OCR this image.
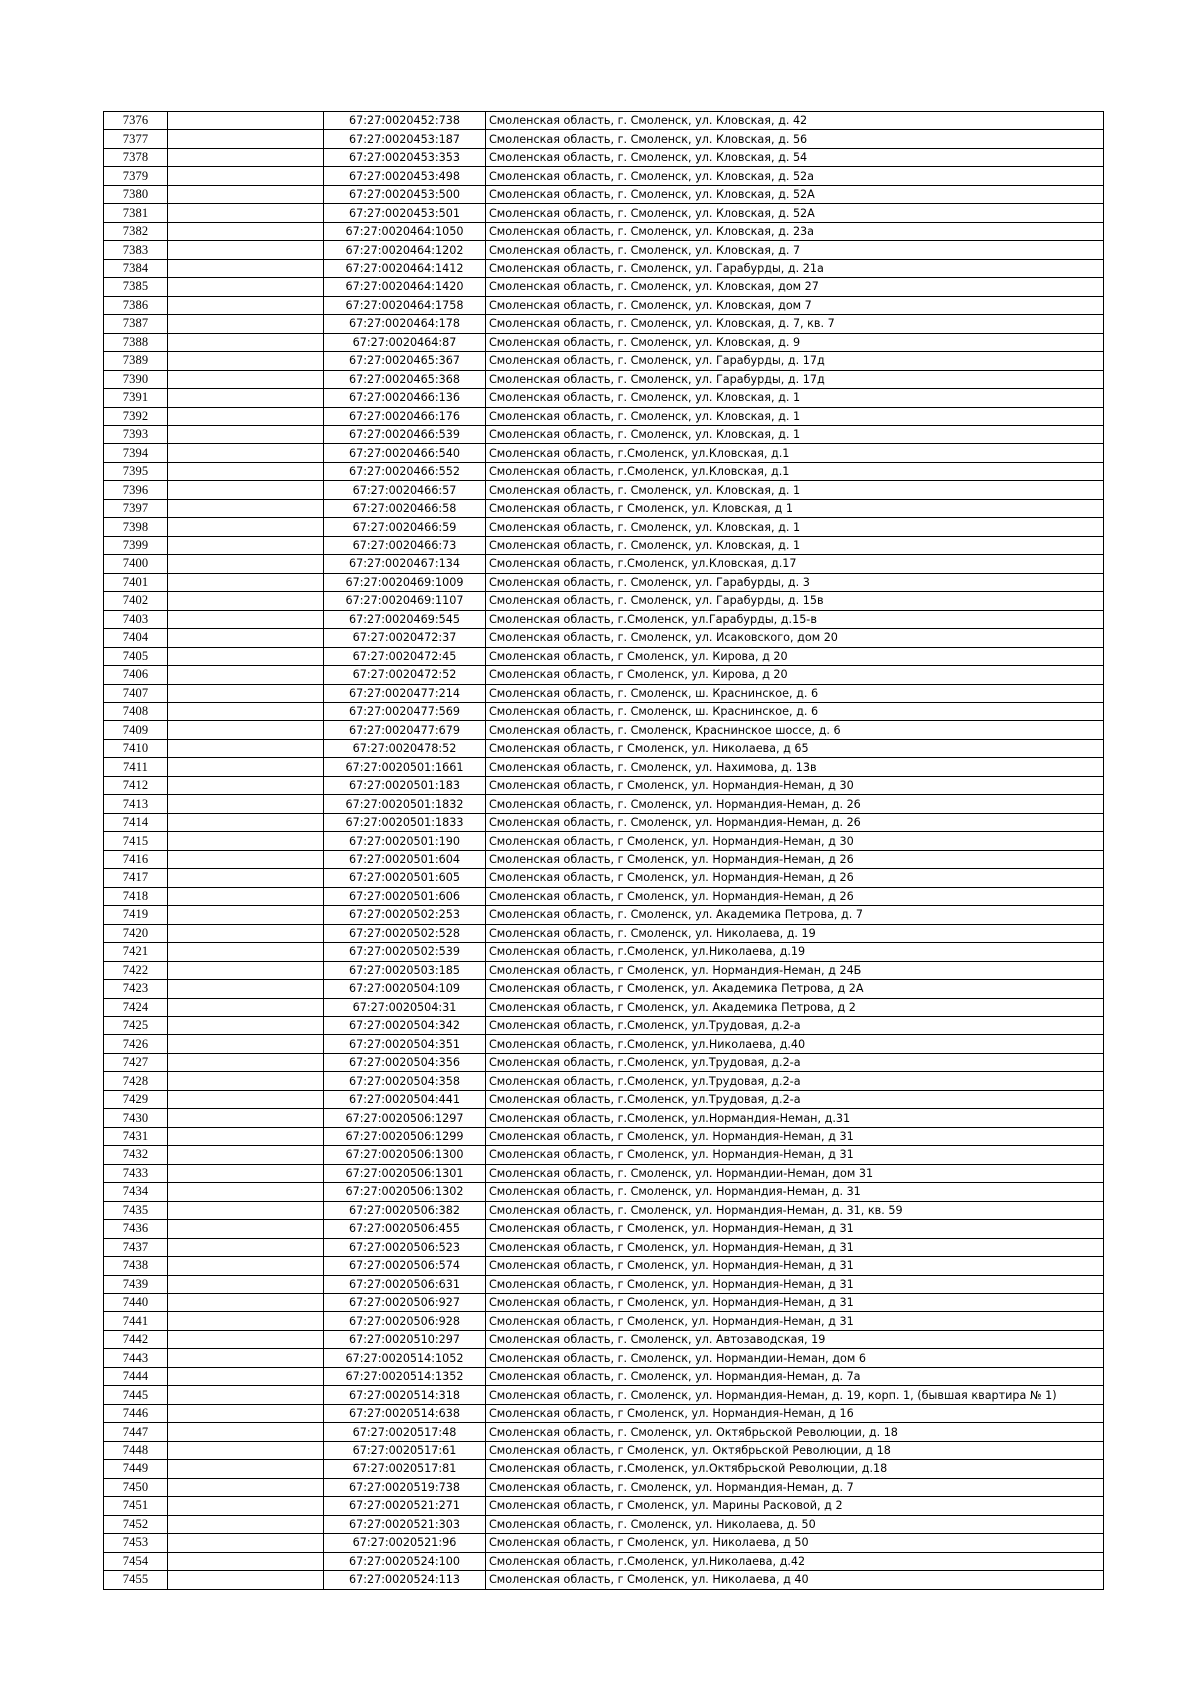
7376		67:27:0020452:738	Смоленская область, г. Смоленск, ул. Кловская, д. 42
7377		67:27:0020453:187	Смоленская область, г. Смоленск, ул. Кловская, д. 56
7378		67:27:0020453:353	Смоленская область, г. Смоленск, ул. Кловская, д. 54
7379		67:27:0020453:498	Смоленская область, г. Смоленск, ул. Кловская, д. 52а
7380		67:27:0020453:500	Смоленская область, г. Смоленск, ул. Кловская, д. 52А
7381		67:27:0020453:501	Смоленская область, г. Смоленск, ул. Кловская, д. 52А
7382		67:27:0020464:1050	Смоленская область, г. Смоленск, ул. Кловская, д. 23а
7383		67:27:0020464:1202	Смоленская область, г. Смоленск, ул. Кловская, д. 7
7384		67:27:0020464:1412	Смоленская область, г. Смоленск, ул. Гарабурды, д. 21а
7385		67:27:0020464:1420	Смоленская область, г. Смоленск, ул. Кловская, дом 27
7386		67:27:0020464:1758	Смоленская область, г. Смоленск, ул. Кловская, дом 7
7387		67:27:0020464:178	Смоленская область, г. Смоленск, ул. Кловская, д. 7, кв. 7
7388		67:27:0020464:87	Смоленская область, г. Смоленск, ул. Кловская, д. 9
7389		67:27:0020465:367	Смоленская область, г. Смоленск, ул. Гарабурды, д. 17д
7390		67:27:0020465:368	Смоленская область, г. Смоленск, ул. Гарабурды, д. 17д
7391		67:27:0020466:136	Смоленская область, г. Смоленск, ул. Кловская, д. 1
7392		67:27:0020466:176	Смоленская область, г. Смоленск, ул. Кловская, д. 1
7393		67:27:0020466:539	Смоленская область, г. Смоленск, ул. Кловская, д. 1
7394		67:27:0020466:540	Смоленская область, г.Смоленск, ул.Кловская, д.1
7395		67:27:0020466:552	Смоленская область, г.Смоленск, ул.Кловская, д.1
7396		67:27:0020466:57	Смоленская область, г. Смоленск, ул. Кловская, д. 1
7397		67:27:0020466:58	Смоленская область, г Смоленск, ул. Кловская, д 1
7398		67:27:0020466:59	Смоленская область, г. Смоленск, ул. Кловская, д. 1
7399		67:27:0020466:73	Смоленская область, г. Смоленск, ул. Кловская, д. 1
7400		67:27:0020467:134	Смоленская область, г.Смоленск, ул.Кловская, д.17
7401		67:27:0020469:1009	Смоленская область, г. Смоленск, ул. Гарабурды, д. 3
7402		67:27:0020469:1107	Смоленская область, г. Смоленск, ул. Гарабурды, д. 15в
7403		67:27:0020469:545	Смоленская область, г.Смоленск, ул.Гарабурды, д.15-в
7404		67:27:0020472:37	Смоленская область, г. Смоленск, ул. Исаковского, дом 20
7405		67:27:0020472:45	Смоленская область, г Смоленск, ул. Кирова, д 20
7406		67:27:0020472:52	Смоленская область, г Смоленск, ул. Кирова, д 20
7407		67:27:0020477:214	Смоленская область, г. Смоленск, ш. Краснинское, д. 6
7408		67:27:0020477:569	Смоленская область, г. Смоленск, ш. Краснинское, д. 6
7409		67:27:0020477:679	Смоленская область, г. Смоленск, Краснинское шоссе, д. 6
7410		67:27:0020478:52	Смоленская область, г Смоленск, ул. Николаева, д 65
7411		67:27:0020501:1661	Смоленская область, г. Смоленск, ул. Нахимова, д. 13в
7412		67:27:0020501:183	Смоленская область, г Смоленск, ул. Нормандия-Неман, д 30
7413		67:27:0020501:1832	Смоленская область, г. Смоленск, ул. Нормандия-Неман, д. 26
7414		67:27:0020501:1833	Смоленская область, г. Смоленск, ул. Нормандия-Неман, д. 26
7415		67:27:0020501:190	Смоленская область, г Смоленск, ул. Нормандия-Неман, д 30
7416		67:27:0020501:604	Смоленская область, г Смоленск, ул. Нормандия-Неман, д 26
7417		67:27:0020501:605	Смоленская область, г Смоленск, ул. Нормандия-Неман, д 26
7418		67:27:0020501:606	Смоленская область, г Смоленск, ул. Нормандия-Неман, д 26
7419		67:27:0020502:253	Смоленская область, г. Смоленск, ул. Академика Петрова, д. 7
7420		67:27:0020502:528	Смоленская область, г. Смоленск, ул. Николаева, д. 19
7421		67:27:0020502:539	Смоленская область, г.Смоленск, ул.Николаева, д.19
7422		67:27:0020503:185	Смоленская область, г Смоленск, ул. Нормандия-Неман, д 24Б
7423		67:27:0020504:109	Смоленская область, г Смоленск, ул. Академика Петрова, д 2А
7424		67:27:0020504:31	Смоленская область, г Смоленск, ул. Академика Петрова, д 2
7425		67:27:0020504:342	Смоленская область, г.Смоленск, ул.Трудовая, д.2-а
7426		67:27:0020504:351	Смоленская область, г.Смоленск, ул.Николаева, д.40
7427		67:27:0020504:356	Смоленская область, г.Смоленск, ул.Трудовая, д.2-а
7428		67:27:0020504:358	Смоленская область, г.Смоленск, ул.Трудовая, д.2-а
7429		67:27:0020504:441	Смоленская область, г.Смоленск, ул.Трудовая, д.2-а
7430		67:27:0020506:1297	Смоленская область, г.Смоленск, ул.Нормандия-Неман, д.31
7431		67:27:0020506:1299	Смоленская область, г Смоленск, ул. Нормандия-Неман, д 31
7432		67:27:0020506:1300	Смоленская область, г Смоленск, ул. Нормандия-Неман, д 31
7433		67:27:0020506:1301	Смоленская область, г. Смоленск, ул. Нормандии-Неман, дом 31
7434		67:27:0020506:1302	Смоленская область, г. Смоленск, ул. Нормандия-Неман, д. 31
7435		67:27:0020506:382	Смоленская область, г. Смоленск, ул. Нормандия-Неман, д. 31, кв. 59
7436		67:27:0020506:455	Смоленская область, г Смоленск, ул. Нормандия-Неман, д 31
7437		67:27:0020506:523	Смоленская область, г Смоленск, ул. Нормандия-Неман, д 31
7438		67:27:0020506:574	Смоленская область, г Смоленск, ул. Нормандия-Неман, д 31
7439		67:27:0020506:631	Смоленская область, г Смоленск, ул. Нормандия-Неман, д 31
7440		67:27:0020506:927	Смоленская область, г Смоленск, ул. Нормандия-Неман, д 31
7441		67:27:0020506:928	Смоленская область, г Смоленск, ул. Нормандия-Неман, д 31
7442		67:27:0020510:297	Смоленская область, г. Смоленск, ул. Автозаводская, 19
7443		67:27:0020514:1052	Смоленская область, г. Смоленск, ул. Нормандии-Неман, дом 6
7444		67:27:0020514:1352	Смоленская область, г. Смоленск, ул. Нормандия-Неман, д. 7а
7445		67:27:0020514:318	Смоленская область, г. Смоленск, ул. Нормандия-Неман, д. 19, корп. 1, (бывшая квартира № 1)
7446		67:27:0020514:638	Смоленская область, г Смоленск, ул. Нормандия-Неман, д 16
7447		67:27:0020517:48	Смоленская область, г. Смоленск, ул. Октябрьской Революции, д. 18
7448		67:27:0020517:61	Смоленская область, г Смоленск, ул. Октябрьской Революции, д 18
7449		67:27:0020517:81	Смоленская область, г.Смоленск, ул.Октябрьской Революции, д.18
7450		67:27:0020519:738	Смоленская область, г. Смоленск, ул. Нормандия-Неман, д. 7
7451		67:27:0020521:271	Смоленская область, г Смоленск, ул. Марины Расковой, д 2
7452		67:27:0020521:303	Смоленская область, г. Смоленск, ул. Николаева, д. 50
7453		67:27:0020521:96	Смоленская область, г Смоленск, ул. Николаева, д 50
7454		67:27:0020524:100	Смоленская область, г.Смоленск, ул.Николаева, д.42
7455		67:27:0020524:113	Смоленская область, г Смоленск, ул. Николаева, д 40
